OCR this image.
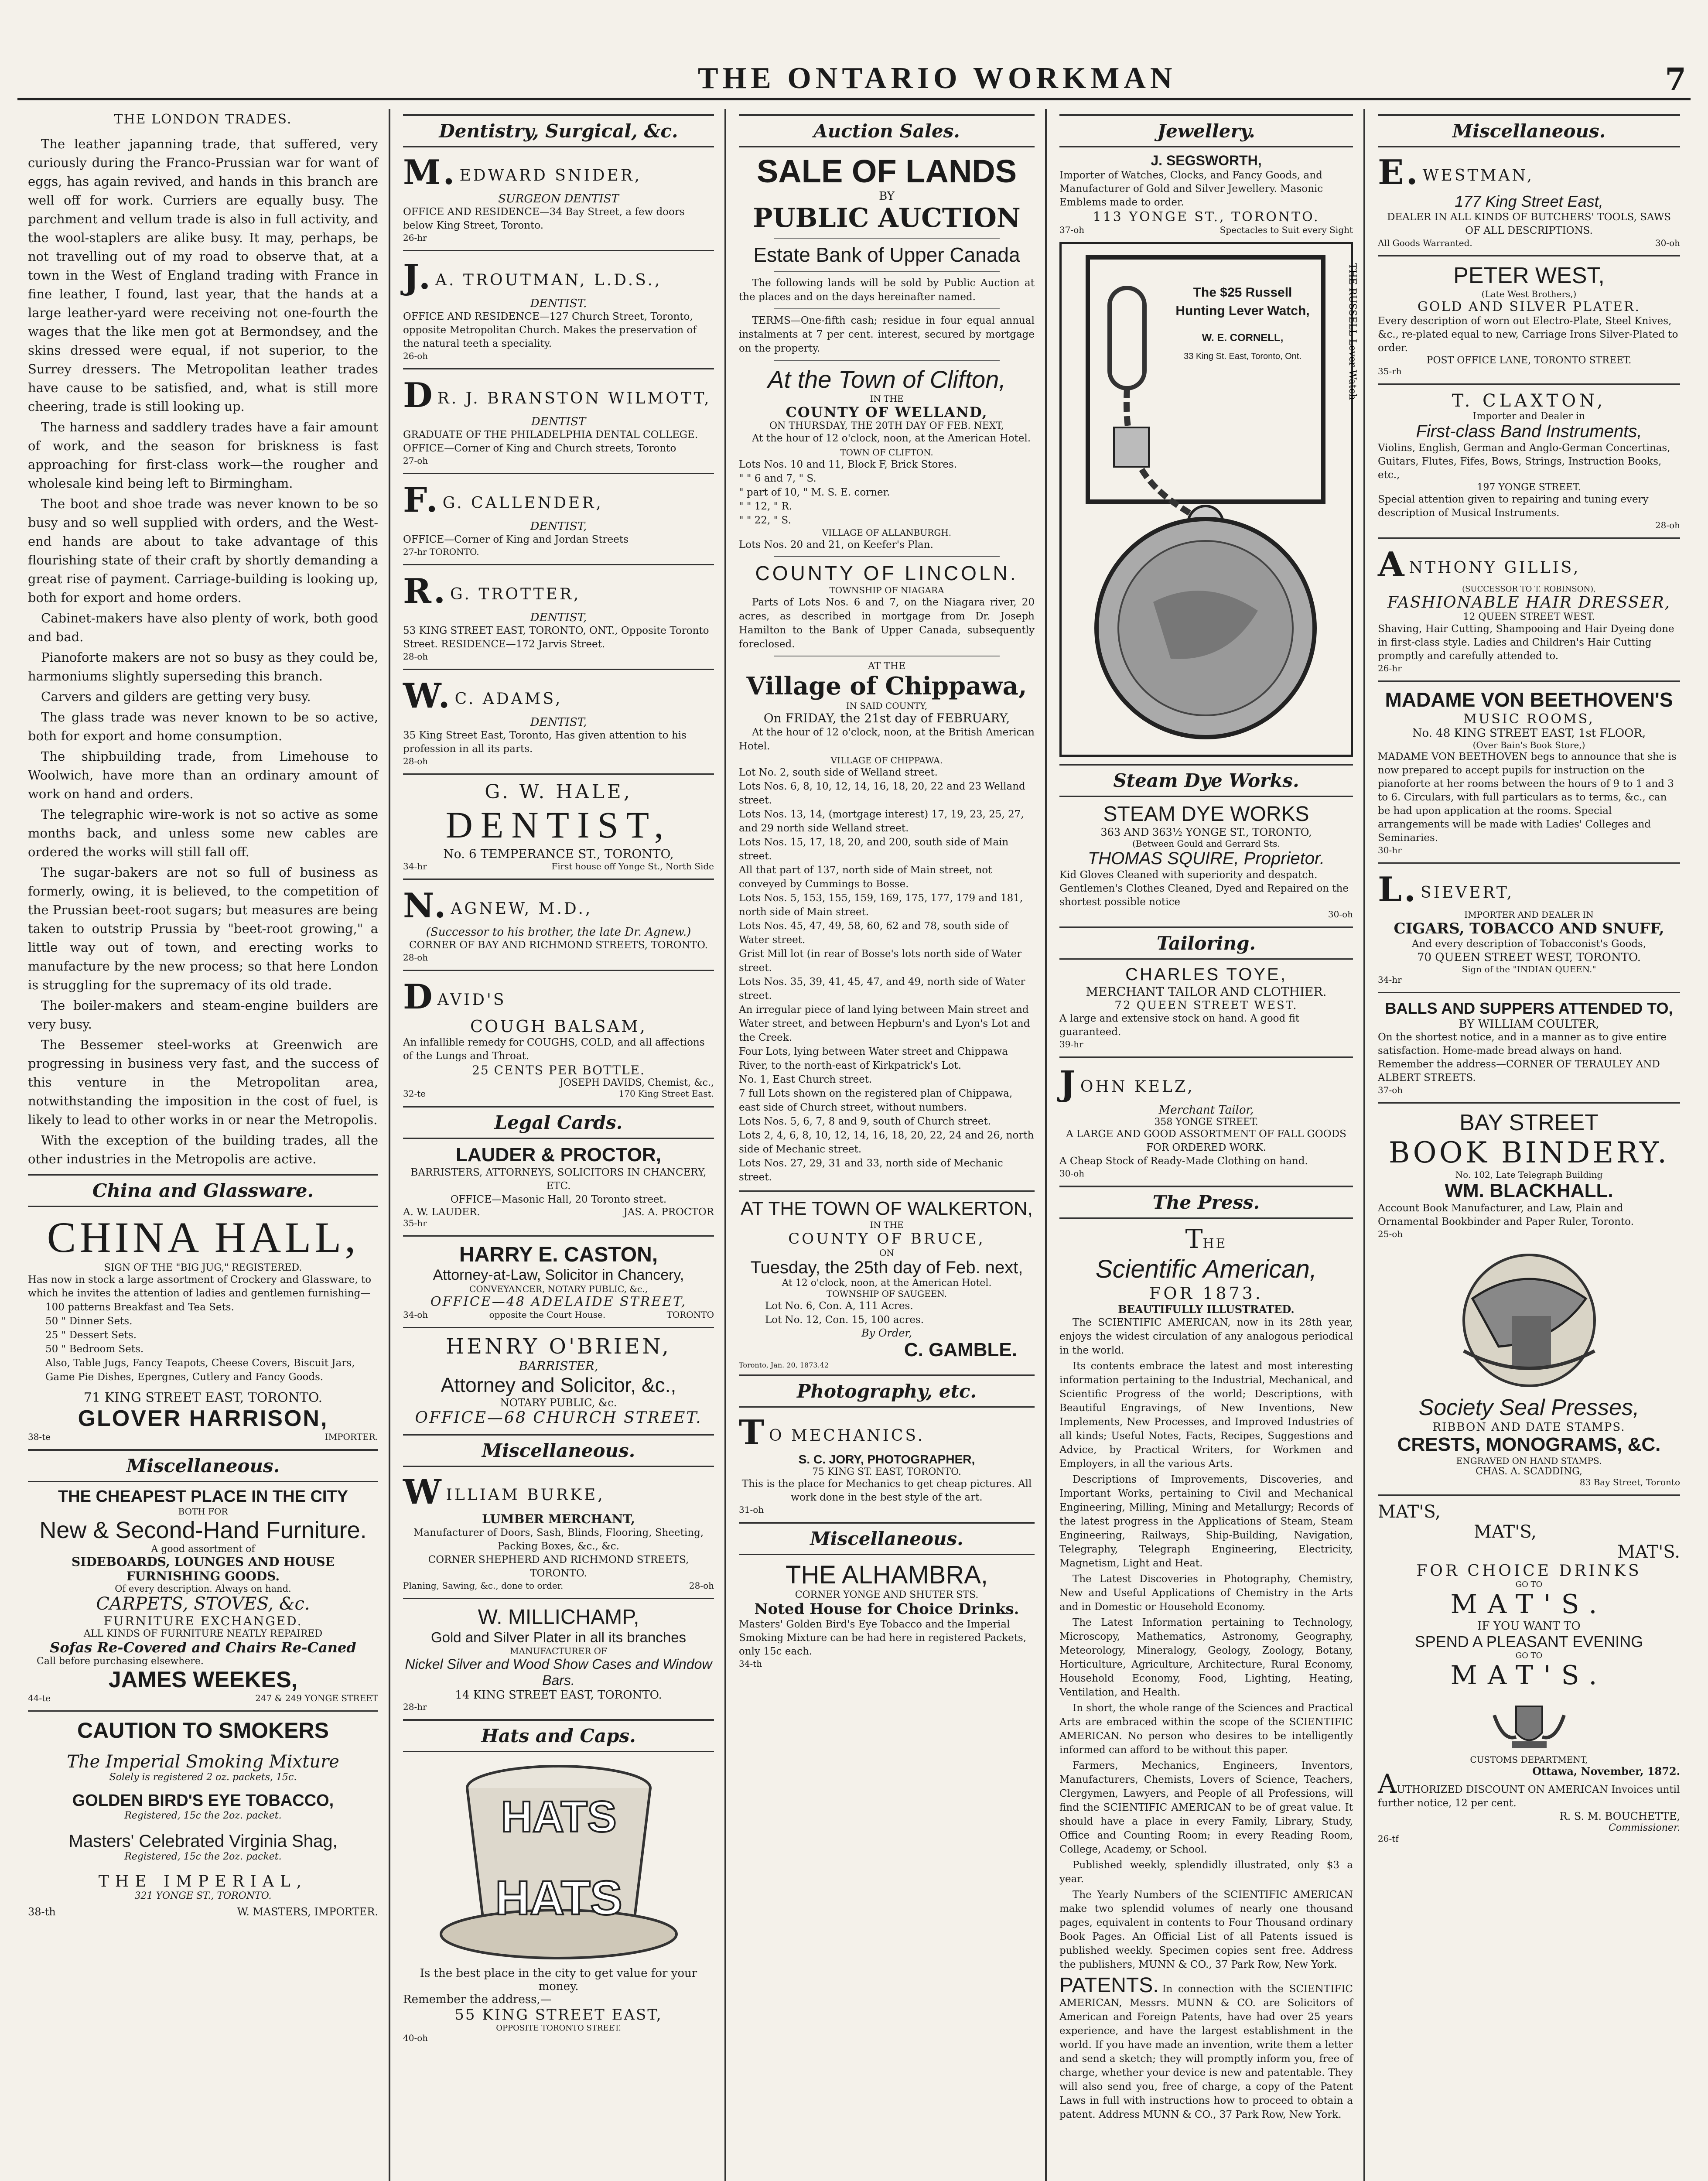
THE ONTARIO WORKMAN	7
THE LONDON TRADES.
The leather japanning trade, that suffered, very curiously during the Franco-Prussian war for want of eggs, has again revived, and hands in this branch are well off for work. Curriers are equally busy. The parchment and vellum trade is also in full activity, and the wool-staplers are alike busy. It may, perhaps, be not travelling out of my road to observe that, at a town in the West of England trading with France in fine leather, I found, last year, that the hands at a large leather-yard were receiving not one-fourth the wages that the like men got at Bermondsey, and the skins dressed were equal, if not superior, to the Surrey dressers. The Metropolitan leather trades have cause to be satisfied, and, what is still more cheering, trade is still looking up.
The harness and saddlery trades have a fair amount of work, and the season for briskness is fast approaching for first-class work—the rougher and wholesale kind being left to Birmingham.
The boot and shoe trade was never known to be so busy and so well supplied with orders, and the West-end hands are about to take advantage of this flourishing state of their craft by shortly demanding a great rise of payment. Carriage-building is looking up, both for export and home orders.
Cabinet-makers have also plenty of work, both good and bad.
Pianoforte makers are not so busy as they could be, harmoniums slightly superseding this branch.
Carvers and gilders are getting very busy.
The glass trade was never known to be so active, both for export and home consumption.
The shipbuilding trade, from Limehouse to Woolwich, have more than an ordinary amount of work on hand and orders.
The telegraphic wire-work is not so active as some months back, and unless some new cables are ordered the works will still fall off.
The sugar-bakers are not so full of business as formerly, owing, it is believed, to the competition of the Prussian beet-root sugars; but measures are being taken to outstrip Prussia by "beet-root growing," a little way out of town, and erecting works to manufacture by the new process; so that here London is struggling for the supremacy of its old trade.
The boiler-makers and steam-engine builders are very busy.
The Bessemer steel-works at Greenwich are progressing in business very fast, and the success of this venture in the Metropolitan area, notwithstanding the imposition in the cost of fuel, is likely to lead to other works in or near the Metropolis.
With the exception of the building trades, all the other industries in the Metropolis are active.
China and Glassware.
CHINA HALL,
SIGN OF THE "BIG JUG," REGISTERED.
Has now in stock a large assortment of Crockery and Glassware, to which he invites the attention of ladies and gentlemen furnishing—
100 patterns Breakfast and Tea Sets.
50 " Dinner Sets.
25 " Dessert Sets.
50 " Bedroom Sets.
Also, Table Jugs, Fancy Teapots, Cheese Covers, Biscuit Jars, Game Pie Dishes, Epergnes, Cutlery and Fancy Goods.
71 KING STREET EAST, TORONTO.
GLOVER HARRISON,
38-te	IMPORTER.
Miscellaneous.
THE CHEAPEST PLACE IN THE CITY
BOTH FOR
New & Second-Hand Furniture.
A good assortment of
SIDEBOARDS, LOUNGES AND HOUSE FURNISHING GOODS.
Of every description. Always on hand.
CARPETS, STOVES, &c.
FURNITURE EXCHANGED.
ALL KINDS OF FURNITURE NEATLY REPAIRED
Sofas Re-Covered and Chairs Re-Caned
Call before purchasing elsewhere.
JAMES WEEKES,
44-te	247 & 249 YONGE STREET
CAUTION TO SMOKERS
The Imperial Smoking Mixture
Solely is registered 2 oz. packets, 15c.
GOLDEN BIRD'S EYE TOBACCO,
Registered, 15c the 2oz. packet.
Masters' Celebrated Virginia Shag,
Registered, 15c the 2oz. packet.
THE IMPERIAL,
321 YONGE ST., TORONTO.
38-th	W. MASTERS, IMPORTER.
Dentistry, Surgical, &c.
M. EDWARD SNIDER,
SURGEON DENTIST
OFFICE AND RESIDENCE—34 Bay Street, a few doors below King Street, Toronto.
26-hr
J. A. TROUTMAN, L.D.S.,
DENTIST.
OFFICE AND RESIDENCE—127 Church Street, Toronto, opposite Metropolitan Church. Makes the preservation of the natural teeth a speciality.
26-oh
D R. J. BRANSTON WILMOTT,
DENTIST
GRADUATE OF THE PHILADELPHIA DENTAL COLLEGE. OFFICE—Corner of King and Church streets, Toronto
27-oh
F. G. CALLENDER,
DENTIST,
OFFICE—Corner of King and Jordan Streets
27-hr TORONTO.
R. G. TROTTER,
DENTIST,
53 KING STREET EAST, TORONTO, ONT., Opposite Toronto Street. RESIDENCE—172 Jarvis Street.
28-oh
W. C. ADAMS,
DENTIST,
35 King Street East, Toronto, Has given attention to his profession in all its parts.
28-oh
G. W. HALE,
DENTIST,
No. 6 TEMPERANCE ST., TORONTO,
34-hr	First house off Yonge St., North Side
N. AGNEW, M.D.,
(Successor to his brother, the late Dr. Agnew.)
CORNER OF BAY AND RICHMOND STREETS, TORONTO.
28-oh
DAVID'S
COUGH BALSAM,
An infallible remedy for COUGHS, COLD, and all affections of the Lungs and Throat.
25 CENTS PER BOTTLE.
JOSEPH DAVIDS, Chemist, &c.,
32-te	170 King Street East.
Legal Cards.
LAUDER & PROCTOR,
BARRISTERS, ATTORNEYS, SOLICITORS IN CHANCERY, ETC.
OFFICE—Masonic Hall, 20 Toronto street.
A. W. LAUDER.	JAS. A. PROCTOR
35-hr
HARRY E. CASTON,
Attorney-at-Law, Solicitor in Chancery,
CONVEYANCER, NOTARY PUBLIC, &c.,
OFFICE—48 ADELAIDE STREET,
34-oh	opposite the Court House.	TORONTO
HENRY O'BRIEN,
BARRISTER,
Attorney and Solicitor, &c.,
NOTARY PUBLIC, &c.
OFFICE—68 CHURCH STREET.
Miscellaneous.
WILLIAM BURKE,
LUMBER MERCHANT,
Manufacturer of Doors, Sash, Blinds, Flooring, Sheeting, Packing Boxes, &c., &c.
CORNER SHEPHERD AND RICHMOND STREETS, TORONTO.
Planing, Sawing, &c., done to order.	28-oh
W. MILLICHAMP,
Gold and Silver Plater in all its branches
MANUFACTURER OF
Nickel Silver and Wood Show Cases and Window Bars.
14 KING STREET EAST, TORONTO.
28-hr
Hats and Caps.
HATS
HATS
Is the best place in the city to get value for your money.
Remember the address,—
55 KING STREET EAST,
OPPOSITE TORONTO STREET.
40-oh
Auction Sales.
SALE OF LANDS
BY
PUBLIC AUCTION
Estate Bank of Upper Canada
The following lands will be sold by Public Auction at the places and on the days hereinafter named.
TERMS—One-fifth cash; residue in four equal annual instalments at 7 per cent. interest, secured by mortgage on the property.
At the Town of Clifton,
IN THE
COUNTY OF WELLAND,
ON THURSDAY, THE 20TH DAY OF FEB. NEXT,
At the hour of 12 o'clock, noon, at the American Hotel.
TOWN OF CLIFTON.
Lots Nos. 10 and 11, Block F, Brick Stores.
" " 6 and 7, " S.
" part of 10, " M. S. E. corner.
" " 12, " R.
" " 22, " S.
VILLAGE OF ALLANBURGH.
Lots Nos. 20 and 21, on Keefer's Plan.
COUNTY OF LINCOLN.
TOWNSHIP OF NIAGARA
Parts of Lots Nos. 6 and 7, on the Niagara river, 20 acres, as described in mortgage from Dr. Joseph Hamilton to the Bank of Upper Canada, subsequently foreclosed.
AT THE
Village of Chippawa,
IN SAID COUNTY,
On FRIDAY, the 21st day of FEBRUARY,
At the hour of 12 o'clock, noon, at the British American Hotel.
VILLAGE OF CHIPPAWA.
Lot No. 2, south side of Welland street.
Lots Nos. 6, 8, 10, 12, 14, 16, 18, 20, 22 and 23 Welland street.
Lots Nos. 13, 14, (mortgage interest) 17, 19, 23, 25, 27, and 29 north side Welland street.
Lots Nos. 15, 17, 18, 20, and 200, south side of Main street.
All that part of 137, north side of Main street, not conveyed by Cummings to Bosse.
Lots Nos. 5, 153, 155, 159, 169, 175, 177, 179 and 181, north side of Main street.
Lots Nos. 45, 47, 49, 58, 60, 62 and 78, south side of Water street.
Grist Mill lot (in rear of Bosse's lots north side of Water street.
Lots Nos. 35, 39, 41, 45, 47, and 49, north side of Water street.
An irregular piece of land lying between Main street and Water street, and between Hepburn's and Lyon's Lot and the Creek.
Four Lots, lying between Water street and Chippawa River, to the north-east of Kirkpatrick's Lot.
No. 1, East Church street.
7 full Lots shown on the registered plan of Chippawa, east side of Church street, without numbers.
Lots Nos. 5, 6, 7, 8 and 9, south of Church street.
Lots 2, 4, 6, 8, 10, 12, 14, 16, 18, 20, 22, 24 and 26, north side of Mechanic street.
Lots Nos. 27, 29, 31 and 33, north side of Mechanic street.
AT THE TOWN OF WALKERTON,
IN THE
COUNTY OF BRUCE,
ON
Tuesday, the 25th day of Feb. next,
At 12 o'clock, noon, at the American Hotel.
TOWNSHIP OF SAUGEEN.
Lot No. 6, Con. A, 111 Acres.
Lot No. 12, Con. 15, 100 acres.
By Order,
C. GAMBLE.
Toronto, Jan. 20, 1873.42
Photography, etc.
T O MECHANICS.
S. C. JORY, PHOTOGRAPHER,
75 KING ST. EAST, TORONTO.
This is the place for Mechanics to get cheap pictures. All work done in the best style of the art.
31-oh
Miscellaneous.
THE ALHAMBRA,
CORNER YONGE AND SHUTER STS.
Noted House for Choice Drinks.
Masters' Golden Bird's Eye Tobacco and the Imperial Smoking Mixture can be had here in registered Packets, only 15c each.
34-th
Jewellery.
J. SEGSWORTH,
Importer of Watches, Clocks, and Fancy Goods, and Manufacturer of Gold and Silver Jewellery. Masonic Emblems made to order.
113 YONGE ST., TORONTO.
37-oh	Spectacles to Suit every Sight
THE RUSSELL Lever Watch
The $25 Russell Hunting Lever Watch,
W. E. CORNELL,
33 King St. East, Toronto, Ont.
Steam Dye Works.
STEAM DYE WORKS
363 AND 363½ YONGE ST., TORONTO,
(Between Gould and Gerrard Sts.
THOMAS SQUIRE, Proprietor.
Kid Gloves Cleaned with superiority and despatch.
Gentlemen's Clothes Cleaned, Dyed and Repaired on the shortest possible notice
30-oh
Tailoring.
CHARLES TOYE,
MERCHANT TAILOR AND CLOTHIER.
72 QUEEN STREET WEST.
A large and extensive stock on hand. A good fit guaranteed.
39-hr
JOHN KELZ,
Merchant Tailor,
358 YONGE STREET.
A LARGE AND GOOD ASSORTMENT OF FALL GOODS FOR ORDERED WORK.
A Cheap Stock of Ready-Made Clothing on hand.
30-oh
The Press.
THE
Scientific American,
FOR 1873.
BEAUTIFULLY ILLUSTRATED.
The SCIENTIFIC AMERICAN, now in its 28th year, enjoys the widest circulation of any analogous periodical in the world.
Its contents embrace the latest and most interesting information pertaining to the Industrial, Mechanical, and Scientific Progress of the world; Descriptions, with Beautiful Engravings, of New Inventions, New Implements, New Processes, and Improved Industries of all kinds; Useful Notes, Facts, Recipes, Suggestions and Advice, by Practical Writers, for Workmen and Employers, in all the various Arts.
Descriptions of Improvements, Discoveries, and Important Works, pertaining to Civil and Mechanical Engineering, Milling, Mining and Metallurgy; Records of the latest progress in the Applications of Steam, Steam Engineering, Railways, Ship-Building, Navigation, Telegraphy, Telegraph Engineering, Electricity, Magnetism, Light and Heat.
The Latest Discoveries in Photography, Chemistry, New and Useful Applications of Chemistry in the Arts and in Domestic or Household Economy.
The Latest Information pertaining to Technology, Microscopy, Mathematics, Astronomy, Geography, Meteorology, Mineralogy, Geology, Zoology, Botany, Horticulture, Agriculture, Architecture, Rural Economy, Household Economy, Food, Lighting, Heating, Ventilation, and Health.
In short, the whole range of the Sciences and Practical Arts are embraced within the scope of the SCIENTIFIC AMERICAN. No person who desires to be intelligently informed can afford to be without this paper.
Farmers, Mechanics, Engineers, Inventors, Manufacturers, Chemists, Lovers of Science, Teachers, Clergymen, Lawyers, and People of all Professions, will find the SCIENTIFIC AMERICAN to be of great value. It should have a place in every Family, Library, Study, Office and Counting Room; in every Reading Room, College, Academy, or School.
Published weekly, splendidly illustrated, only $3 a year.
The Yearly Numbers of the SCIENTIFIC AMERICAN make two splendid volumes of nearly one thousand pages, equivalent in contents to Four Thousand ordinary Book Pages. An Official List of all Patents issued is published weekly. Specimen copies sent free. Address the publishers, MUNN & CO., 37 Park Row, New York.
PATENTS. In connection with the SCIENTIFIC AMERICAN, Messrs. MUNN & CO. are Solicitors of American and Foreign Patents, have had over 25 years experience, and have the largest establishment in the world. If you have made an invention, write them a letter and send a sketch; they will promptly inform you, free of charge, whether your device is new and patentable. They will also send you, free of charge, a copy of the Patent Laws in full with instructions how to proceed to obtain a patent. Address MUNN & CO., 37 Park Row, New York.
Miscellaneous.
E. WESTMAN,
177 King Street East,
DEALER IN ALL KINDS OF BUTCHERS' TOOLS, SAWS OF ALL DESCRIPTIONS.
All Goods Warranted.	30-oh
PETER WEST,
(Late West Brothers,)
GOLD AND SILVER PLATER.
Every description of worn out Electro-Plate, Steel Knives, &c., re-plated equal to new, Carriage Irons Silver-Plated to order.
POST OFFICE LANE, TORONTO STREET.
35-rh
T. CLAXTON,
Importer and Dealer in
First-class Band Instruments,
Violins, English, German and Anglo-German Concertinas, Guitars, Flutes, Fifes, Bows, Strings, Instruction Books, etc.,
197 YONGE STREET.
Special attention given to repairing and tuning every description of Musical Instruments.
28-oh
ANTHONY GILLIS,
(SUCCESSOR TO T. ROBINSON),
FASHIONABLE HAIR DRESSER,
12 QUEEN STREET WEST.
Shaving, Hair Cutting, Shampooing and Hair Dyeing done in first-class style. Ladies and Children's Hair Cutting promptly and carefully attended to.
26-hr
MADAME VON BEETHOVEN'S
MUSIC ROOMS,
No. 48 KING STREET EAST, 1st FLOOR,
(Over Bain's Book Store,)
MADAME VON BEETHOVEN begs to announce that she is now prepared to accept pupils for instruction on the pianoforte at her rooms between the hours of 9 to 1 and 3 to 6. Circulars, with full particulars as to terms, &c., can be had upon application at the rooms. Special arrangements will be made with Ladies' Colleges and Seminaries.
30-hr
L. SIEVERT,
IMPORTER AND DEALER IN
CIGARS, TOBACCO AND SNUFF,
And every description of Tobacconist's Goods,
70 QUEEN STREET WEST, TORONTO.
Sign of the "INDIAN QUEEN."
34-hr
BALLS AND SUPPERS ATTENDED TO,
BY WILLIAM COULTER,
On the shortest notice, and in a manner as to give entire satisfaction. Home-made bread always on hand.
Remember the address—CORNER OF TERAULEY AND ALBERT STREETS.
37-oh
BAY STREET
BOOK BINDERY.
No. 102, Late Telegraph Building
WM. BLACKHALL.
Account Book Manufacturer, and Law, Plain and Ornamental Bookbinder and Paper Ruler, Toronto.
25-oh
Society Seal Presses,
RIBBON AND DATE STAMPS.
CRESTS, MONOGRAMS, &C.
ENGRAVED ON HAND STAMPS.
CHAS. A. SCADDING,
83 Bay Street, Toronto
MAT'S,
MAT'S,
MAT'S.
FOR CHOICE DRINKS
GO TO
MAT'S.
IF YOU WANT TO
SPEND A PLEASANT EVENING
GO TO
MAT'S.
CUSTOMS DEPARTMENT,
Ottawa, November, 1872.
AUTHORIZED DISCOUNT ON AMERICAN Invoices until further notice, 12 per cent.
R. S. M. BOUCHETTE,
Commissioner.
26-tf
